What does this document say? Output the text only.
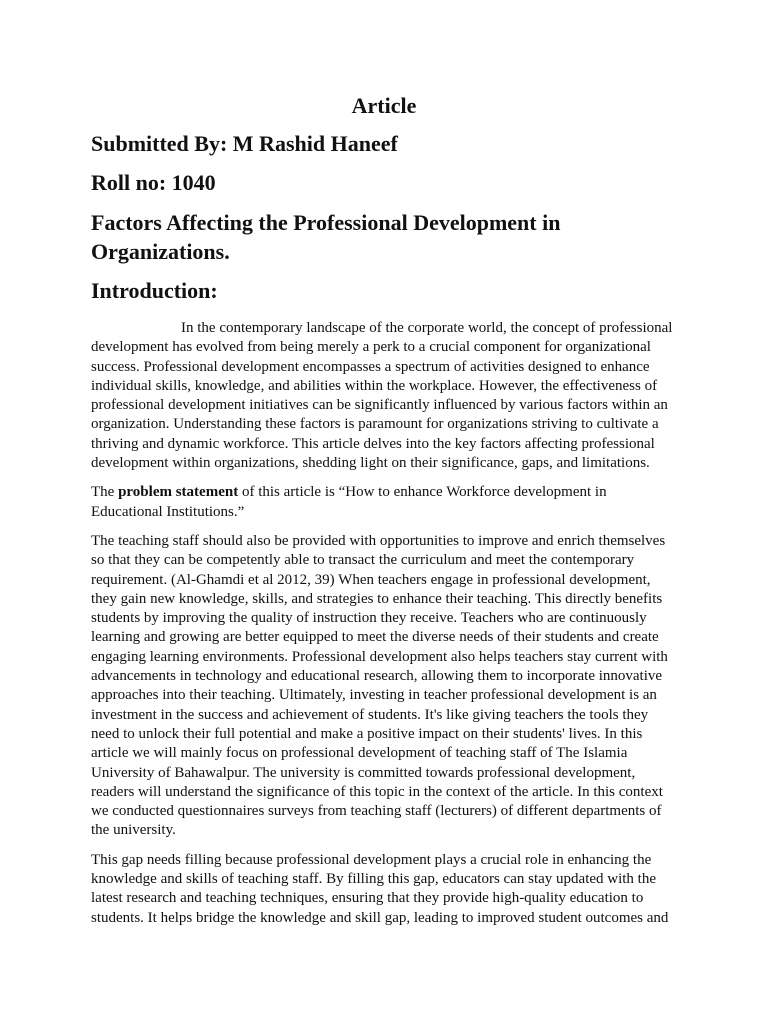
Article
Submitted By: M Rashid Haneef
Roll no: 1040
Factors Affecting the Professional Development in Organizations.
Introduction:

In the contemporary landscape of the corporate world, the concept of professional development has evolved from being merely a perk to a crucial component for organizational success. Professional development encompasses a spectrum of activities designed to enhance individual skills, knowledge, and abilities within the workplace. However, the effectiveness of professional development initiatives can be significantly influenced by various factors within an organization. Understanding these factors is paramount for organizations striving to cultivate a thriving and dynamic workforce. This article delves into the key factors affecting professional development within organizations, shedding light on their significance, gaps, and limitations.

The problem statement of this article is “How to enhance Workforce development in Educational Institutions.”

The teaching staff should also be provided with opportunities to improve and enrich themselves so that they can be competently able to transact the curriculum and meet the contemporary requirement. (Al-Ghamdi et al 2012, 39) When teachers engage in professional development, they gain new knowledge, skills, and strategies to enhance their teaching. This directly benefits students by improving the quality of instruction they receive. Teachers who are continuously learning and growing are better equipped to meet the diverse needs of their students and create engaging learning environments. Professional development also helps teachers stay current with advancements in technology and educational research, allowing them to incorporate innovative approaches into their teaching. Ultimately, investing in teacher professional development is an investment in the success and achievement of students. It's like giving teachers the tools they need to unlock their full potential and make a positive impact on their students' lives. In this article we will mainly focus on professional development of teaching staff of The Islamia University of Bahawalpur. The university is committed towards professional development, readers will understand the significance of this topic in the context of the article. In this context we conducted questionnaires surveys from teaching staff (lecturers) of different departments of the university.

This gap needs filling because professional development plays a crucial role in enhancing the knowledge and skills of teaching staff. By filling this gap, educators can stay updated with the latest research and teaching techniques, ensuring that they provide high-quality education to students. It helps bridge the knowledge and skill gap, leading to improved student outcomes and
